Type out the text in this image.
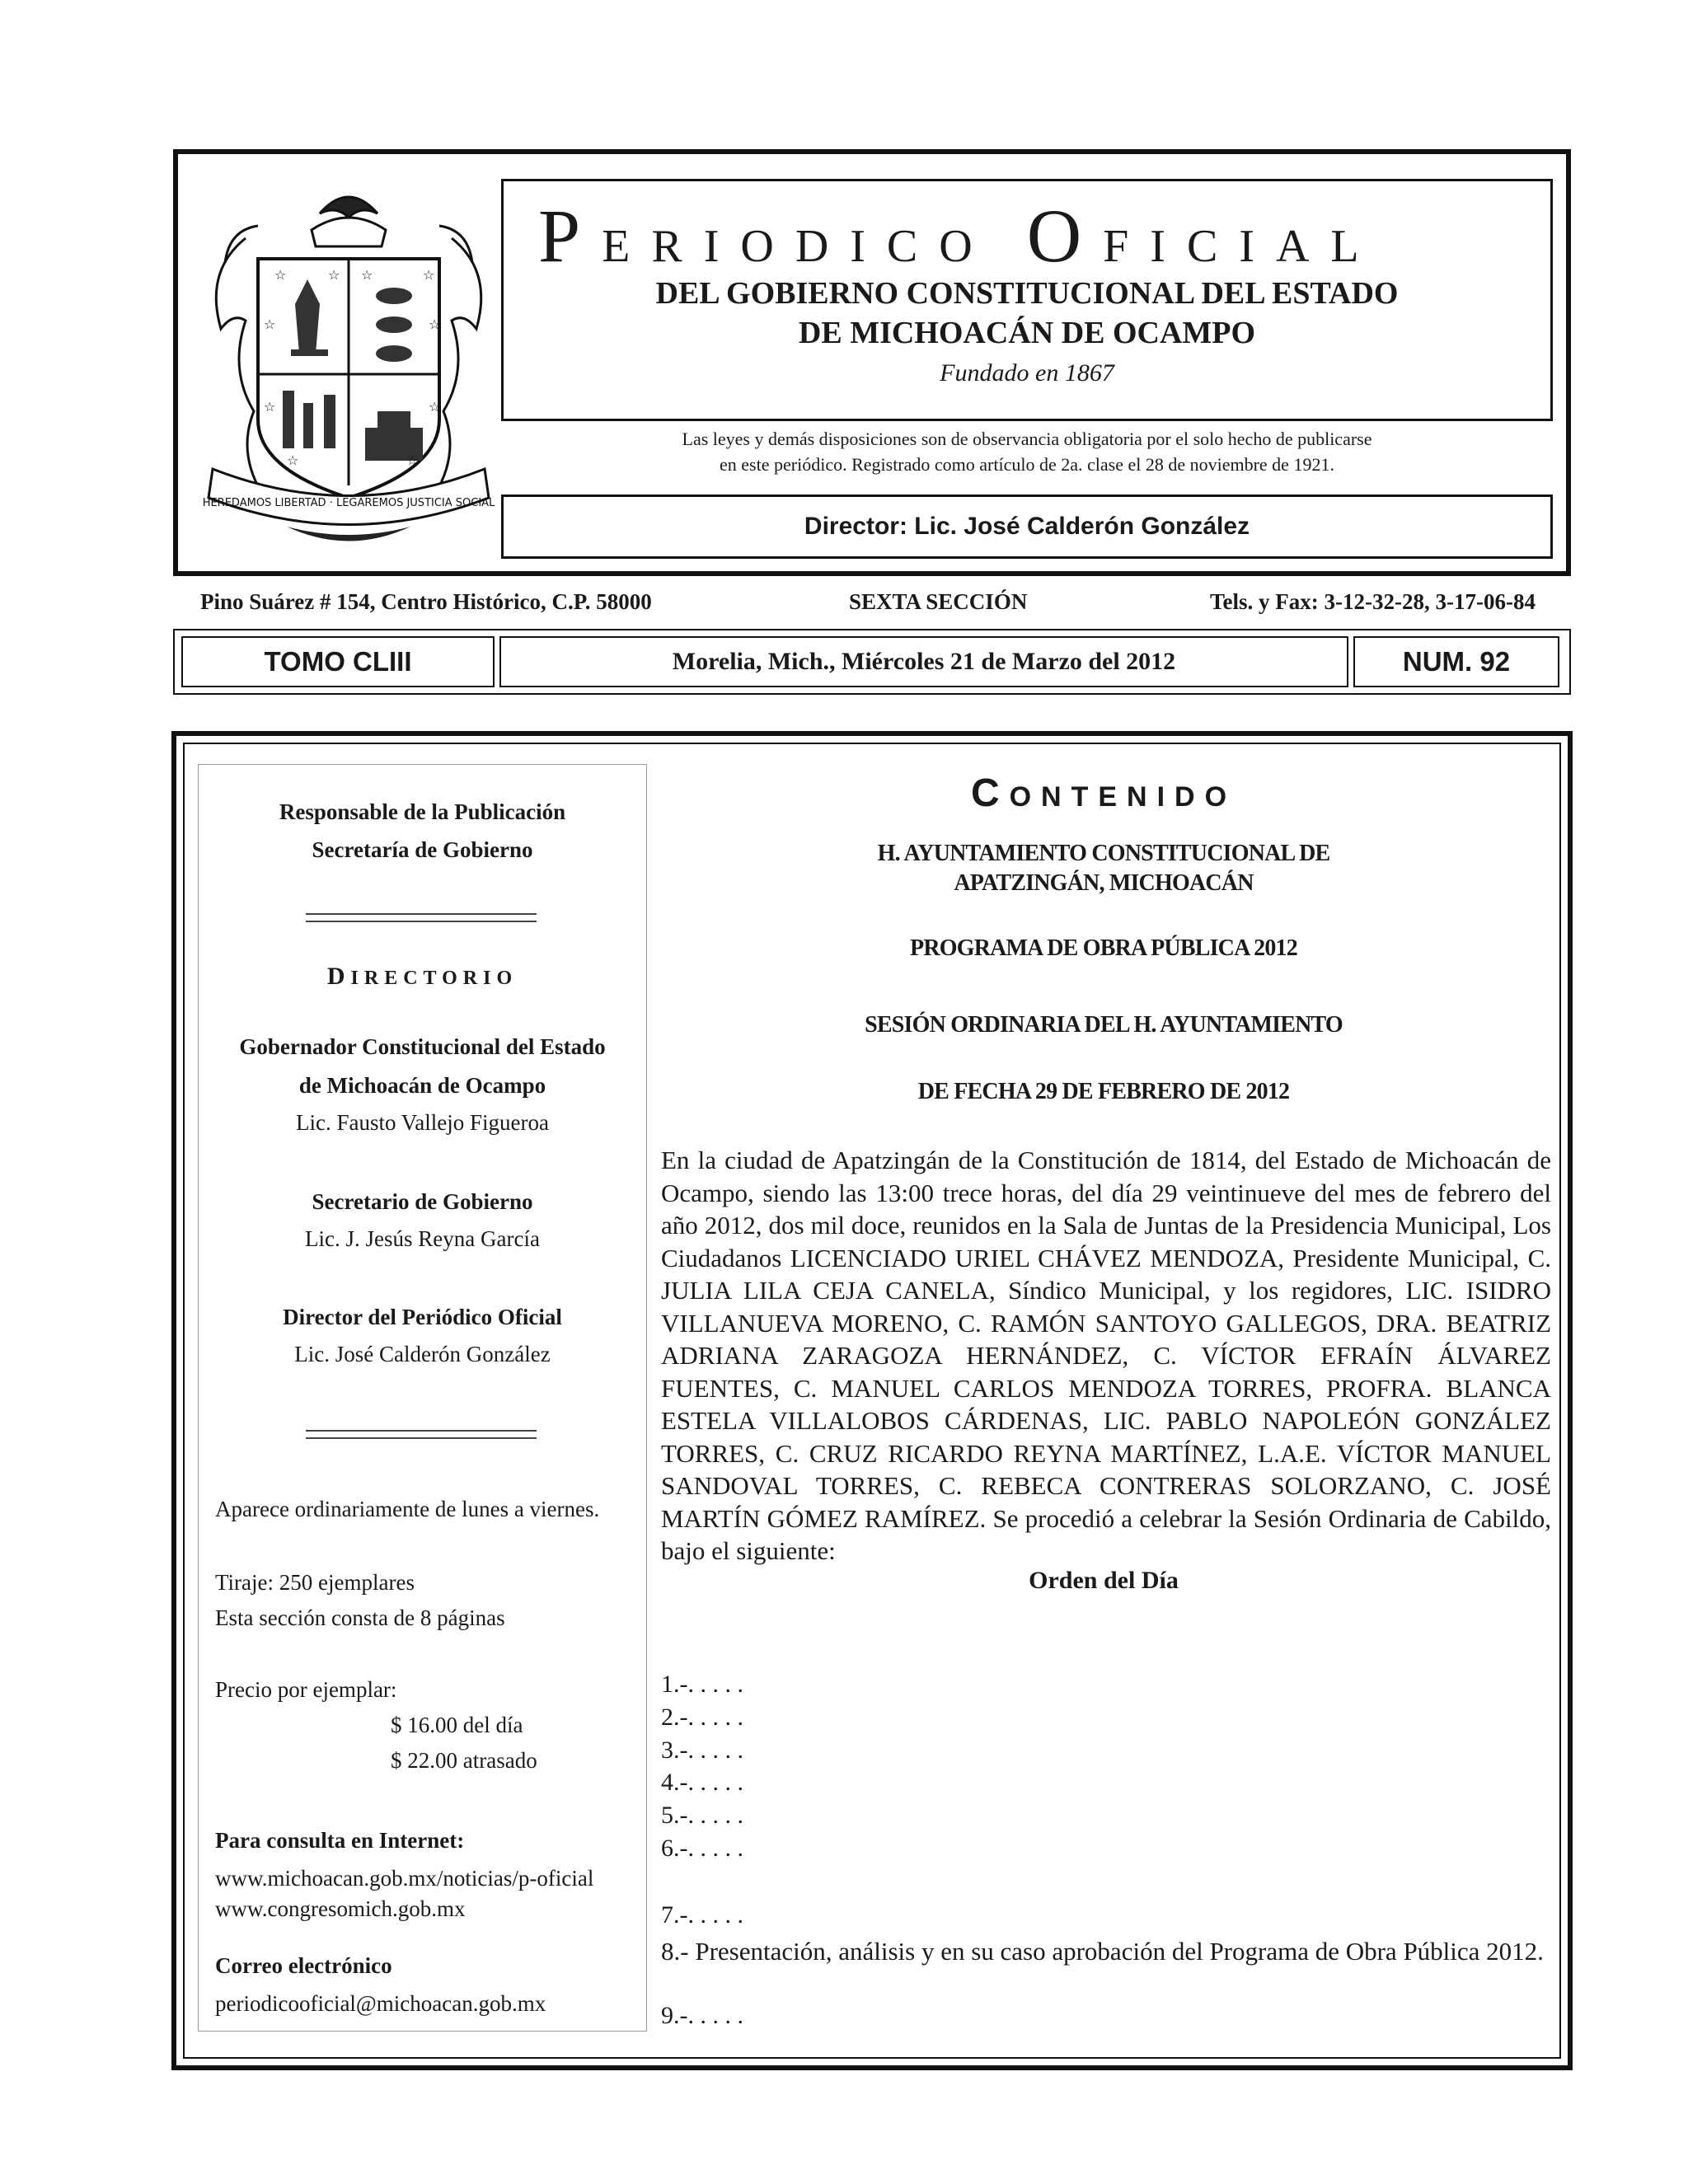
☆	☆ ☆	☆
☆	☆
☆	☆
☆	☆
HEREDAMOS LIBERTAD · LEGAREMOS JUSTICIA SOCIAL
PERIODICO OFICIAL
DEL GOBIERNO CONSTITUCIONAL DEL ESTADO
DE MICHOACÁN DE OCAMPO
Fundado en 1867
Las leyes y demás disposiciones son de observancia obligatoria por el solo hecho de publicarse
en este periódico. Registrado como artículo de 2a. clase el 28 de noviembre de 1921.
Director: Lic. José Calderón González
Pino Suárez # 154, Centro Histórico, C.P. 58000	SEXTA SECCIÓN	Tels. y Fax: 3-12-32-28, 3-17-06-84
TOMO CLIII	Morelia, Mich., Miércoles 21 de Marzo del 2012	NUM. 92
Responsable de la Publicación
Secretaría de Gobierno
DIRECTORIO
Gobernador Constitucional del Estado
de Michoacán de Ocampo
Lic. Fausto Vallejo Figueroa
Secretario de Gobierno
Lic. J. Jesús Reyna García
Director del Periódico Oficial
Lic. José Calderón González
Aparece ordinariamente de lunes a viernes.
Tiraje: 250 ejemplares
Esta sección consta de 8 páginas
Precio por ejemplar:
$ 16.00 del día
$ 22.00 atrasado
Para consulta en Internet:
www.michoacan.gob.mx/noticias/p-oficial
www.congresomich.gob.mx
Correo electrónico
periodicooficial@michoacan.gob.mx
CONTENIDO
H. AYUNTAMIENTO CONSTITUCIONAL DE
APATZINGÁN, MICHOACÁN
PROGRAMA DE OBRA PÚBLICA 2012
SESIÓN ORDINARIA DEL H. AYUNTAMIENTO
DE FECHA 29 DE FEBRERO DE 2012
En la ciudad de Apatzingán de la Constitución de 1814, del Estado de Michoacán de Ocampo, siendo las 13:00 trece horas, del día 29 veintinueve del mes de febrero del año 2012, dos mil doce, reunidos en la Sala de Juntas de la Presidencia Municipal, Los Ciudadanos LICENCIADO URIEL CHÁVEZ MENDOZA, Presidente Municipal, C. JULIA LILA CEJA CANELA, Síndico Municipal, y los regidores, LIC. ISIDRO VILLANUEVA MORENO, C. RAMÓN SANTOYO GALLEGOS, DRA. BEATRIZ ADRIANA ZARAGOZA HERNÁNDEZ, C. VÍCTOR EFRAÍN ÁLVAREZ FUENTES, C. MANUEL CARLOS MENDOZA TORRES, PROFRA. BLANCA ESTELA VILLALOBOS CÁRDENAS, LIC. PABLO NAPOLEÓN GONZÁLEZ TORRES, C. CRUZ RICARDO REYNA MARTÍNEZ, L.A.E. VÍCTOR MANUEL SANDOVAL TORRES, C. REBECA CONTRERAS SOLORZANO, C. JOSÉ MARTÍN GÓMEZ RAMÍREZ. Se procedió a celebrar la Sesión Ordinaria de Cabildo, bajo el siguiente:
Orden del Día
1.-. . . . .
2.-. . . . .
3.-. . . . .
4.-. . . . .
5.-. . . . .
6.-. . . . .
7.-. . . . .
8.- Presentación, análisis y en su caso aprobación del Programa de Obra Pública 2012.
9.-. . . . .
